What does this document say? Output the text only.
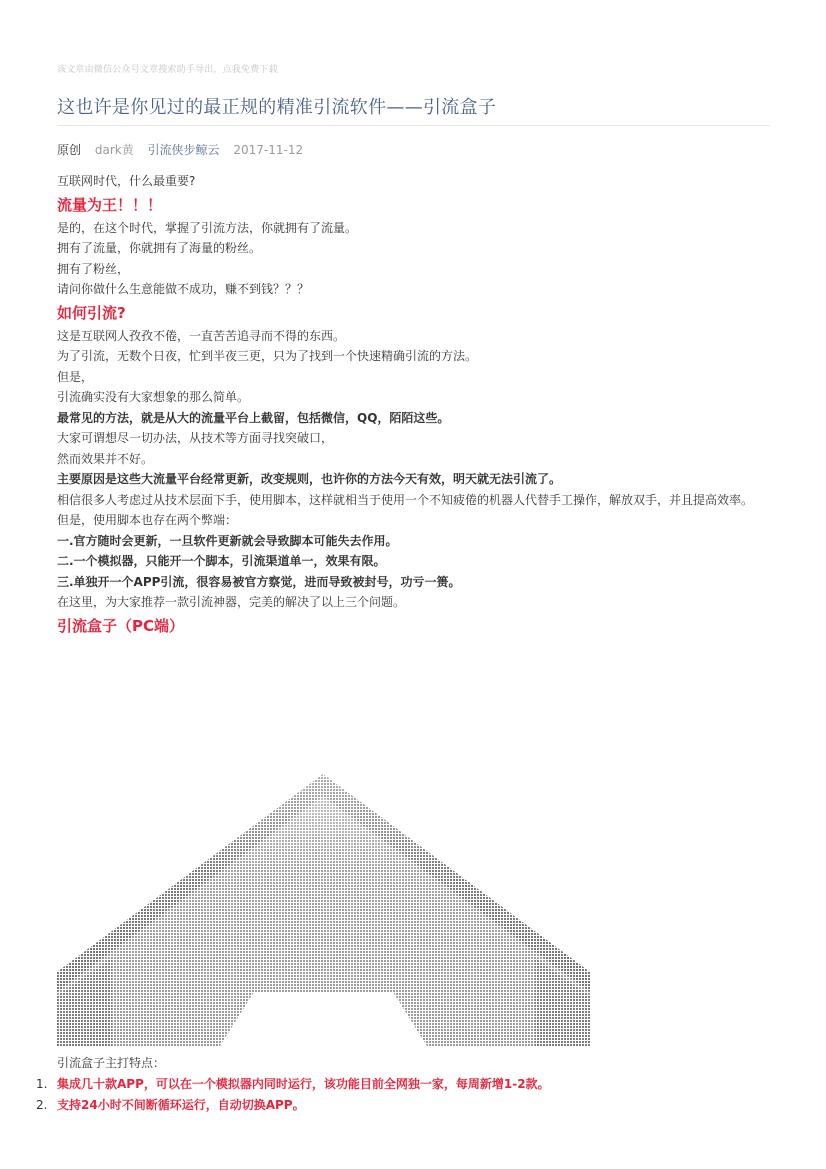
该文章由微信公众号文章搜索助手导出，点我免费下载
这也许是你见过的最正规的精准引流软件——引流盒子
原创 dark黄 引流侠步鲸云 2017-11-12

互联网时代，什么最重要?

流量为王！！！

是的，在这个时代，掌握了引流方法，你就拥有了流量。

拥有了流量，你就拥有了海量的粉丝。

拥有了粉丝，

请问你做什么生意能做不成功，赚不到钱？？？

如何引流?

这是互联网人孜孜不倦，一直苦苦追寻而不得的东西。

为了引流，无数个日夜，忙到半夜三更，只为了找到一个快速精确引流的方法。

但是，

引流确实没有大家想象的那么简单。

最常见的方法，就是从大的流量平台上截留，包括微信，QQ，陌陌这些。

大家可谓想尽一切办法，从技术等方面寻找突破口，

然而效果并不好。

主要原因是这些大流量平台经常更新，改变规则，也许你的方法今天有效，明天就无法引流了。

相信很多人考虑过从技术层面下手，使用脚本，这样就相当于使用一个不知疲倦的机器人代替手工操作，解放双手，并且提高效率。

但是，使用脚本也存在两个弊端：

一.官方随时会更新，一旦软件更新就会导致脚本可能失去作用。

二.一个模拟器，只能开一个脚本，引流渠道单一，效果有限。

三.单独开一个APP引流，很容易被官方察觉，进而导致被封号，功亏一篑。

在这里，为大家推荐一款引流神器，完美的解决了以上三个问题。

引流盒子（PC端）

引流盒子主打特点：
1. 集成几十款APP，可以在一个模拟器内同时运行，该功能目前全网独一家，每周新增1-2款。
2. 支持24小时不间断循环运行，自动切换APP。
